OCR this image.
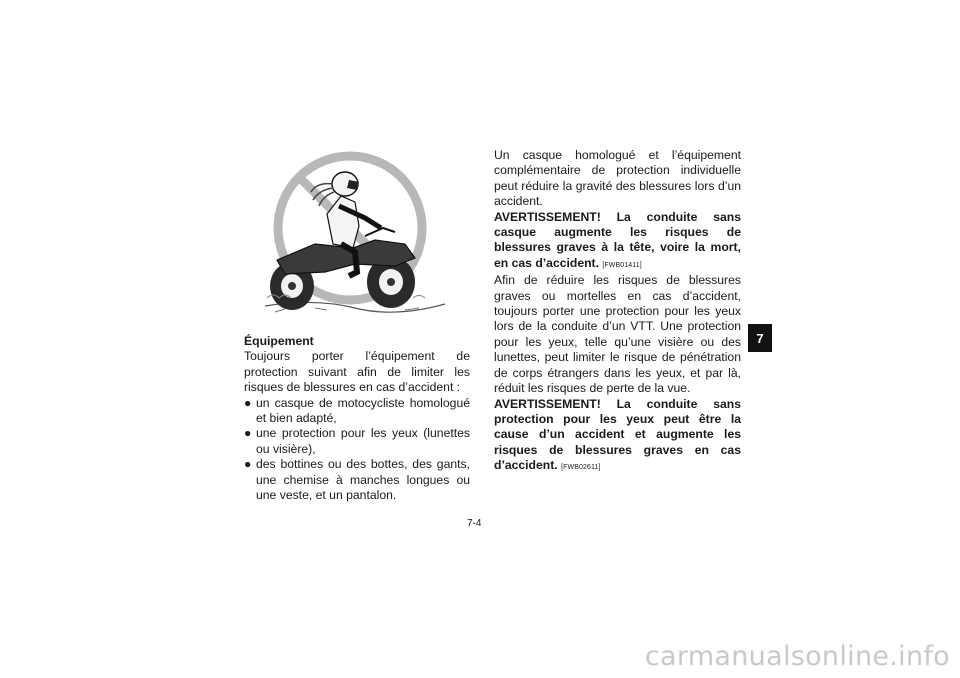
Équipement
Toujours porter l’équipement de protection suivant afin de limiter les risques de blessures en cas d’accident :
● un casque de motocycliste homologué et bien adapté,
● une protection pour les yeux (lunettes ou visière),
● des bottines ou des bottes, des gants, une chemise à manches longues ou une veste, et un pantalon.
Un casque homologué et l’équipement complémentaire de protection individuelle peut réduire la gravité des blessures lors d’un accident.
AVERTISSEMENT! La conduite sans casque augmente les risques de blessures graves à la tête, voire la mort, en cas d’accident. [FWB01411]
Afin de réduire les risques de blessures graves ou mortelles en cas d’accident, toujours porter une protection pour les yeux lors de la conduite d’un VTT. Une protection pour les yeux, telle qu’une visière ou des lunettes, peut limiter le risque de pénétration de corps étrangers dans les yeux, et par là, réduit les risques de perte de la vue.
AVERTISSEMENT! La conduite sans protection pour les yeux peut être la cause d’un accident et augmente les risques de blessures graves en cas d’accident. [FWB02611]
7
7-4
carmanualsonline.info
